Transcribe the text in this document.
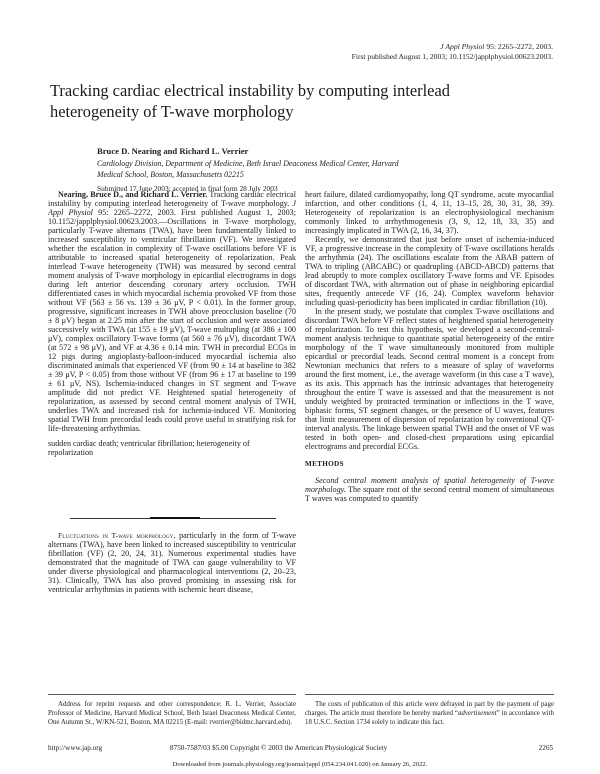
J Appl Physiol 95: 2265–2272, 2003.
First published August 1, 2003; 10.1152/japplphysiol.00623.2003.
Tracking cardiac electrical instability by computing interlead heterogeneity of T-wave morphology
Bruce D. Nearing and Richard L. Verrier
Cardiology Division, Department of Medicine, Beth Israel Deaconess Medical Center, Harvard Medical School, Boston, Massachusetts 02215
Submitted 17 June 2003; accepted in final form 28 July 2003

Nearing, Bruce D., and Richard L. Verrier. Tracking cardiac electrical instability by computing interlead heterogeneity of T-wave morphology. J Appl Physiol 95: 2265–2272, 2003. First published August 1, 2003; 10.1152/japplphysiol.00623.2003.—Oscillations in T-wave morphology, particularly T-wave alternans (TWA), have been fundamentally linked to increased susceptibility to ventricular fibrillation (VF). We investigated whether the escalation in complexity of T-wave oscillations before VF is attributable to increased spatial heterogeneity of repolarization. Peak interlead T-wave heterogeneity (TWH) was measured by second central moment analysis of T-wave morphology in epicardial electrograms in dogs during left anterior descending coronary artery occlusion. TWH differentiated cases in which myocardial ischemia provoked VF from those without VF (563 ± 56 vs. 139 ± 36 μV, P < 0.01). In the former group, progressive, significant increases in TWH above preocclusion baseline (70 ± 8 μV) began at 2.25 min after the start of occlusion and were associated successively with TWA (at 155 ± 19 μV), T-wave multupling (at 386 ± 100 μV), complex oscillatory T-wave forms (at 560 ± 76 μV), discordant TWA (at 572 ± 98 μV), and VF at 4.36 ± 0.14 min. TWH in precordial ECGs in 12 pigs during angioplasty-balloon-induced myocardial ischemia also discriminated animals that experienced VF (from 90 ± 14 at baseline to 382 ± 39 μV, P < 0.05) from those without VF (from 96 ± 17 at baseline to 199 ± 61 μV, NS). Ischemia-induced changes in ST segment and T-wave amplitude did not predict VF. Heightened spatial heterogeneity of repolarization, as assessed by second central moment analysis of TWH, underlies TWA and increased risk for ischemia-induced VF. Monitoring spatial TWH from precordial leads could prove useful in stratifying risk for life-threatening arrhythmias.

sudden cardiac death; ventricular fibrillation; heterogeneity of repolarization

Fluctuations in T-wave morphology, particularly in the form of T-wave alternans (TWA), have been linked to increased susceptibility to ventricular fibrillation (VF) (2, 20, 24, 31). Numerous experimental studies have demonstrated that the magnitude of TWA can gauge vulnerability to VF under diverse physiological and pharmacological interventions (2, 20–23, 31). Clinically, TWA has also proved promising in assessing risk for ventricular arrhythmias in patients with ischemic heart disease,

heart failure, dilated cardiomyopathy, long QT syndrome, acute myocardial infarction, and other conditions (1, 4, 11, 13–15, 28, 30, 31, 38, 39). Heterogeneity of repolarization is an electrophysiological mechanism commonly linked to arrhythmogenesis (3, 9, 12, 18, 33, 35) and increasingly implicated in TWA (2, 16, 34, 37).

Recently, we demonstrated that just before onset of ischemia-induced VF, a progressive increase in the complexity of T-wave oscillations heralds the arrhythmia (24). The oscillations escalate from the ABAB pattern of TWA to tripling (ABCABC) or quadrupling (ABCD-ABCD) patterns that lead abruptly to more complex oscillatory T-wave forms and VF. Episodes of discordant TWA, with alternation out of phase in neighboring epicardial sites, frequently antecede VF (16, 24). Complex waveform behavior including quasi-periodicity has been implicated in cardiac fibrillation (10).

In the present study, we postulate that complex T-wave oscillations and discordant TWA before VF reflect states of heightened spatial heterogeneity of repolarization. To test this hypothesis, we developed a second-central-moment analysis technique to quantitate spatial heterogeneity of the entire morphology of the T wave simultaneously monitored from multiple epicardial or precordial leads. Second central moment is a concept from Newtonian mechanics that refers to a measure of splay of waveforms around the first moment, i.e., the average waveform (in this case a T wave), as its axis. This approach has the intrinsic advantages that heterogeneity throughout the entire T wave is assessed and that the measurement is not unduly weighted by protracted termination or inflections in the T wave, biphasic forms, ST segment changes, or the presence of U waves, features that limit measurement of dispersion of repolarization by conventional QT-interval analysis. The linkage between spatial TWH and the onset of VF was tested in both open- and closed-chest preparations using epicardial electrograms and precordial ECGs.

METHODS

Second central moment analysis of spatial heterogeneity of T-wave morphology. The square root of the second central moment of simultaneous T waves was computed to quantify

Address for reprint requests and other correspondence: R. L. Verrier, Associate Professor of Medicine, Harvard Medical School, Beth Israel Deaconess Medical Center, One Autumn St., W/KN-521, Boston, MA 02215 (E-mail: rverrier@bidmc.harvard.edu).

The costs of publication of this article were defrayed in part by the payment of page charges. The article must therefore be hereby marked “advertisement” in accordance with 18 U.S.C. Section 1734 solely to indicate this fact.

http://www.jap.org	8750-7587/03 $5.00 Copyright © 2003 the American Physiological Society	2265
Downloaded from journals.physiology.org/journal/jappl (054.234.041.020) on January 26, 2022.
